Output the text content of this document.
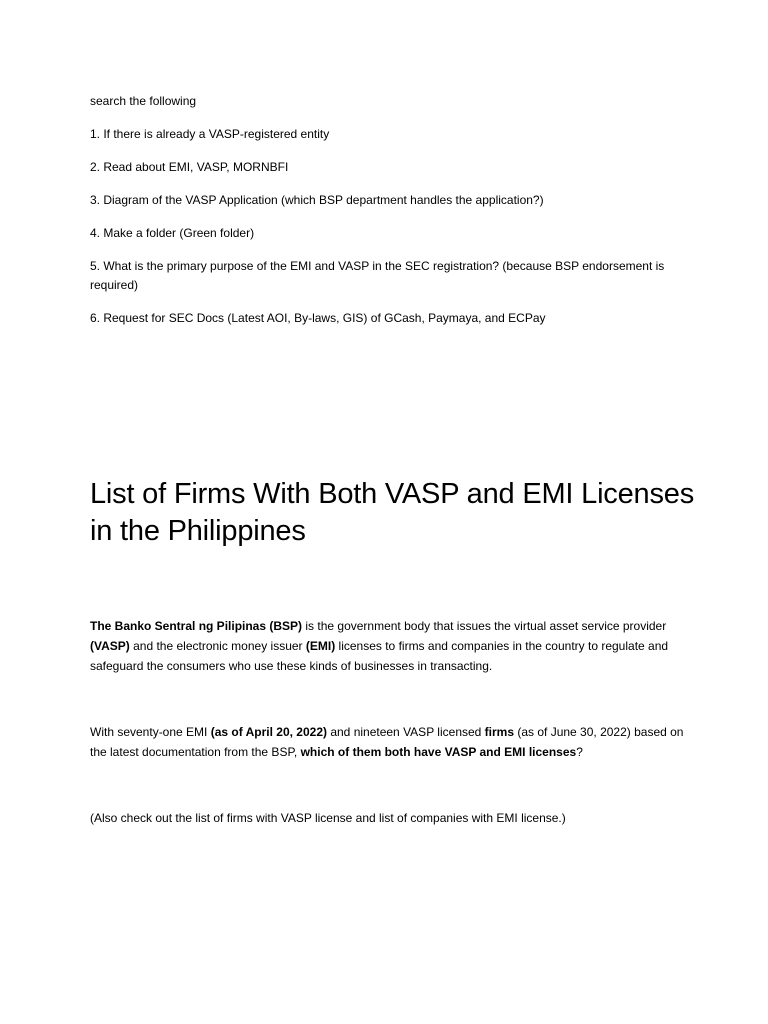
search the following

1. If there is already a VASP-registered entity

2. Read about EMI, VASP, MORNBFI

3. Diagram of the VASP Application (which BSP department handles the application?)

4. Make a folder (Green folder)

5. What is the primary purpose of the EMI and VASP in the SEC registration? (because BSP endorsement is required)

6. Request for SEC Docs (Latest AOI, By-laws, GIS) of GCash, Paymaya, and ECPay

List of Firms With Both VASP and EMI Licenses in the Philippines
The Banko Sentral ng Pilipinas (BSP) is the government body that issues the virtual asset service provider (VASP) and the electronic money issuer (EMI) licenses to firms and companies in the country to regulate and safeguard the consumers who use these kinds of businesses in transacting.
With seventy-one EMI (as of April 20, 2022) and nineteen VASP licensed firms (as of June 30, 2022) based on the latest documentation from the BSP, which of them both have VASP and EMI licenses?
(Also check out the list of firms with VASP license and list of companies with EMI license.)
